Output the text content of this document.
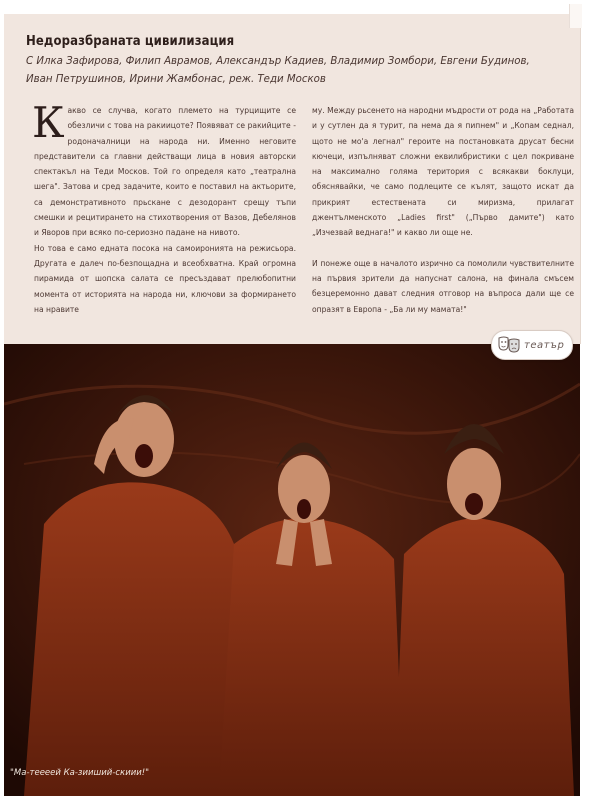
Недоразбраната цивилизация

С Илка Зафирова, Филип Аврамов, Александър Кадиев, Владимир Зомбори, Евгени Будинов, Иван Петрушинов, Ирини Жамбонас, реж. Теди Москов

Какво се случва, когато племето на турцищите се обезличи с това на ракиицоте? Появяват се ракийците - родоначалници на народа ни. Именно неговите представители са главни действащи лица в новия авторски спектакъл на Теди Москов. Той го определя като „театрална шега". Затова и сред задачите, които е поставил на актьорите, са демонстративното прьскане с дезодорант срещу тъпи смешки и рецитирането на стихотворения от Вазов, Дебелянов и Яворов при всяко по-сериозно падане на нивото.

Но това е само едната посока на самоиронията на режисьора. Другата е далеч по-безпощадна и всеобхватна. Край огромна пирамида от шопска салата се пресъздават прелюбопитни момента от историята на народа ни, ключови за формирането на нравите

му. Между рьсенето на народни мъдрости от рода на „Работата и у сутлен да я турит, па нема да я пипнем" и „Копам седнал, щото не мо'а легнал" героите на постановката друсат бесни кючеци, изпълняват сложни еквилибристики с цел покриване на максимално голяма територия с всякакви боклуци, обяснявайки, че само подлеците се кълят, защото искат да прикрият естествената си миризма, прилагат джентълменското „Ladies first" („Първо дамите") като „Изчезвай веднага!" и какво ли още не.

И понеже още в началото изрично са помолили чувствителните на първия зрители да напуснат салона, на финала смъсем безцеремонно дават следния отговор на въпроса дали ще се опразят в Европа - „Ба ли му мамата!"

театър
"Ма-теееей Ка-зииший-скиии!"
